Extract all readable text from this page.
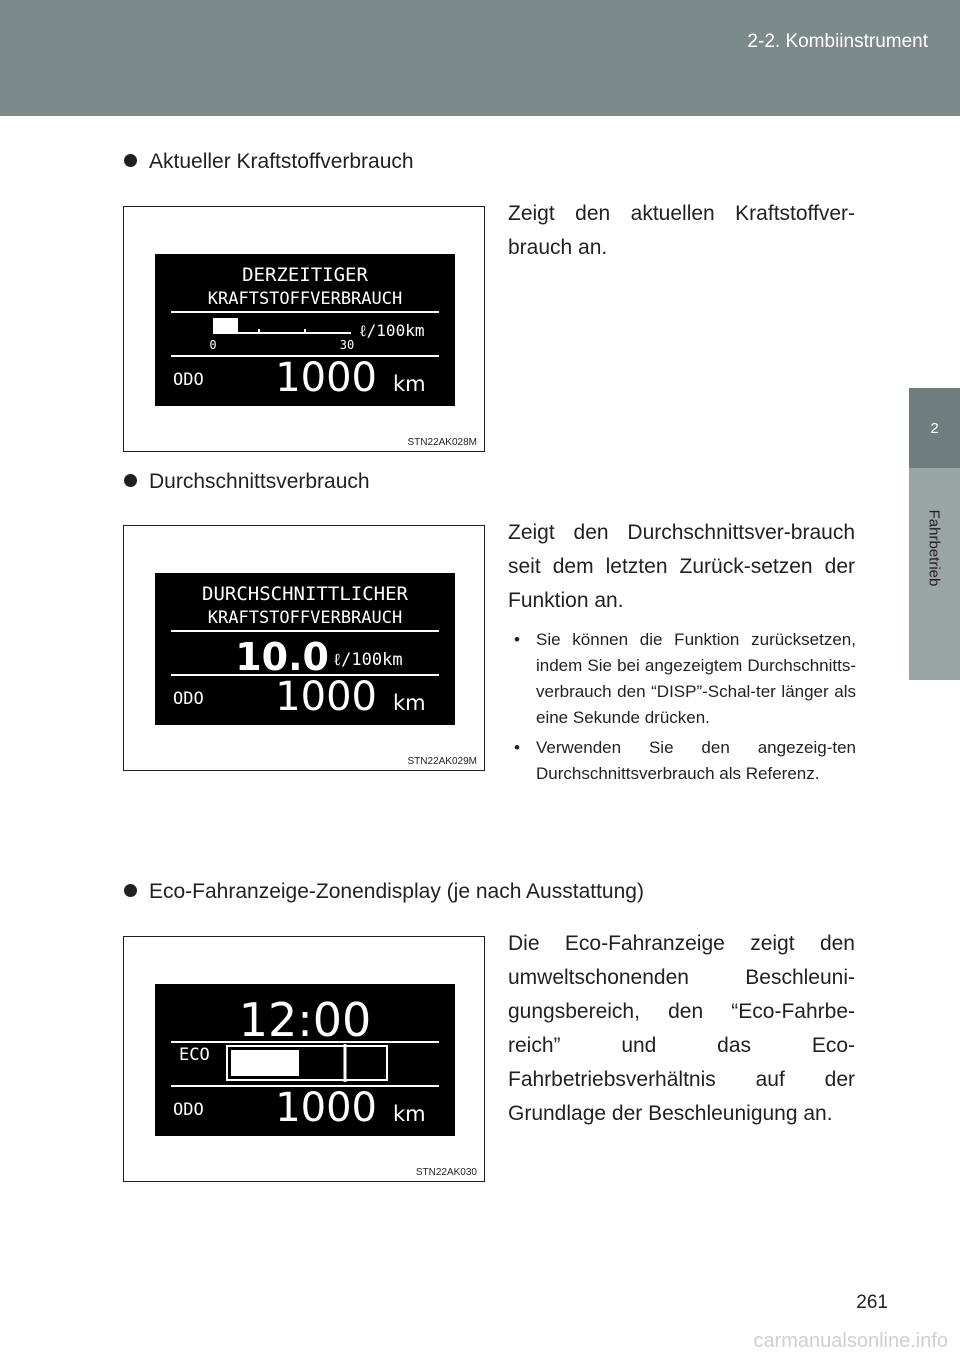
2-2. Kombiinstrument
2
Fahrbetrieb
Aktueller Kraftstoffverbrauch
DERZEITIGER
KRAFTSTOFFVERBRAUCH
0	30
ℓ/100km
ODO 1000 km
STN22AK028M

Zeigt den aktuellen Kraftstoffver-brauch an.

Durchschnittsverbrauch
DURCHSCHNITTLICHER
KRAFTSTOFFVERBRAUCH
10.0 ℓ/100km
ODO 1000 km
STN22AK029M

Zeigt den Durchschnittsver-brauch seit dem letzten Zurück-setzen der Funktion an.

• Sie können die Funktion zurücksetzen, indem Sie bei angezeigtem Durchschnitts-verbrauch den “DISP”-Schal-ter länger als eine Sekunde drücken.
• Verwenden Sie den angezeig-ten Durchschnittsverbrauch als Referenz.
Eco-Fahranzeige-Zonendisplay (je nach Ausstattung)
12:00
ECO
ODO 1000 km
STN22AK030

Die Eco-Fahranzeige zeigt den umweltschonenden Beschleuni-gungsbereich, den “Eco-Fahrbe-reich” und das Eco-Fahrbetriebsverhältnis auf der Grundlage der Beschleunigung an.

261
carmanualsonline.info
